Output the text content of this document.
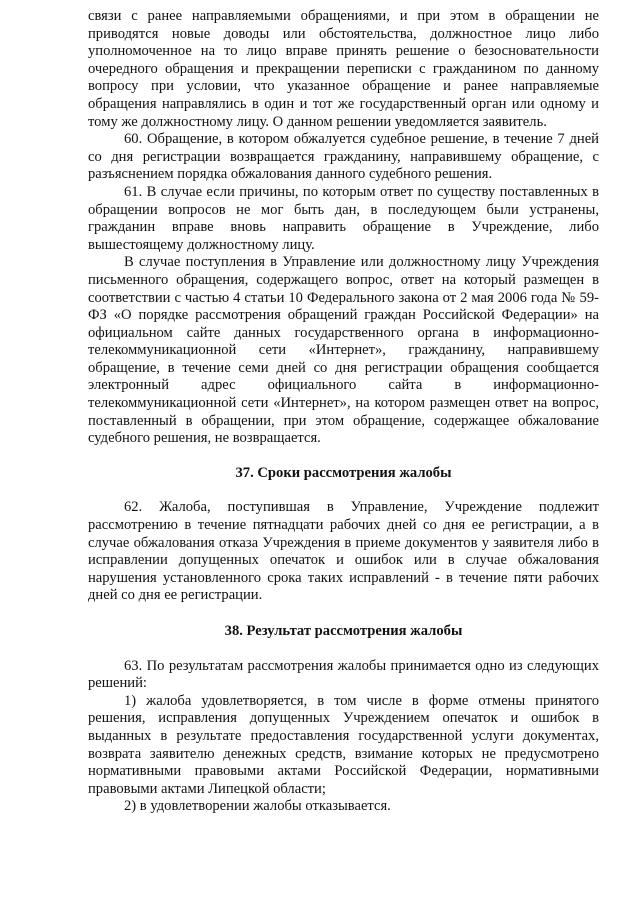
связи с ранее направляемыми обращениями, и при этом в обращении не приводятся новые доводы или обстоятельства, должностное лицо либо уполномоченное на то лицо вправе принять решение о безосновательности очередного обращения и прекращении переписки с гражданином по данному вопросу при условии, что указанное обращение и ранее направляемые обращения направлялись в один и тот же государственный орган или одному и тому же должностному лицу. О данном решении уведомляется заявитель.

60. Обращение, в котором обжалуется судебное решение, в течение 7 дней со дня регистрации возвращается гражданину, направившему обращение, с разъяснением порядка обжалования данного судебного решения.

61. В случае если причины, по которым ответ по существу поставленных в обращении вопросов не мог быть дан, в последующем были устранены, гражданин вправе вновь направить обращение в Учреждение, либо вышестоящему должностному лицу.

В случае поступления в Управление или должностному лицу Учреждения письменного обращения, содержащего вопрос, ответ на который размещен в соответствии с частью 4 статьи 10 Федерального закона от 2 мая 2006 года № 59-ФЗ «О порядке рассмотрения обращений граждан Российской Федерации» на официальном сайте данных государственного органа в информационно-телекоммуникационной сети «Интернет», гражданину, направившему обращение, в течение семи дней со дня регистрации обращения сообщается электронный адрес официального сайта в информационно-телекоммуникационной сети «Интернет», на котором размещен ответ на вопрос, поставленный в обращении, при этом обращение, содержащее обжалование судебного решения, не возвращается.

37. Сроки рассмотрения жалобы

62. Жалоба, поступившая в Управление, Учреждение подлежит рассмотрению в течение пятнадцати рабочих дней со дня ее регистрации, а в случае обжалования отказа Учреждения в приеме документов у заявителя либо в исправлении допущенных опечаток и ошибок или в случае обжалования нарушения установленного срока таких исправлений - в течение пяти рабочих дней со дня ее регистрации.

38. Результат рассмотрения жалобы

63. По результатам рассмотрения жалобы принимается одно из следующих решений:

1) жалоба удовлетворяется, в том числе в форме отмены принятого решения, исправления допущенных Учреждением опечаток и ошибок в выданных в результате предоставления государственной услуги документах, возврата заявителю денежных средств, взимание которых не предусмотрено нормативными правовыми актами Российской Федерации, нормативными правовыми актами Липецкой области;

2) в удовлетворении жалобы отказывается.
